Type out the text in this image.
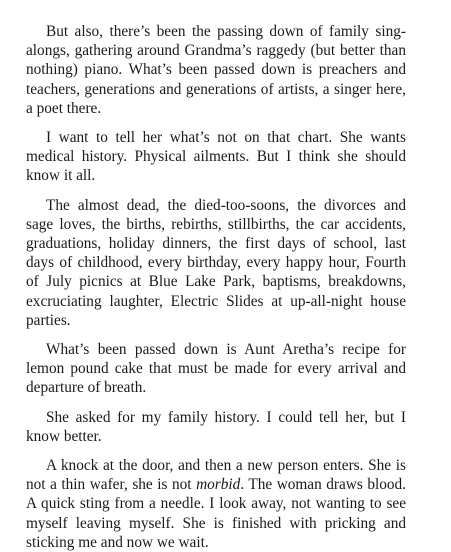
But also, there’s been the passing down of family sing-alongs, gathering around Grandma’s raggedy (but better than nothing) piano. What’s been passed down is preachers and teachers, generations and generations of artists, a singer here, a poet there.

I want to tell her what’s not on that chart. She wants medical history. Physical ailments. But I think she should know it all.

The almost dead, the died-too-soons, the divorces and sage loves, the births, rebirths, stillbirths, the car accidents, graduations, holiday dinners, the first days of school, last days of childhood, every birthday, every happy hour, Fourth of July picnics at Blue Lake Park, baptisms, breakdowns, excruciating laughter, Electric Slides at up-all-night house parties.

What’s been passed down is Aunt Aretha’s recipe for lemon pound cake that must be made for every arrival and departure of breath.

She asked for my family history. I could tell her, but I know better.

A knock at the door, and then a new person enters. She is not a thin wafer, she is not morbid. The woman draws blood. A quick sting from a needle. I look away, not wanting to see myself leaving myself. She is finished with pricking and sticking me and now we wait.
